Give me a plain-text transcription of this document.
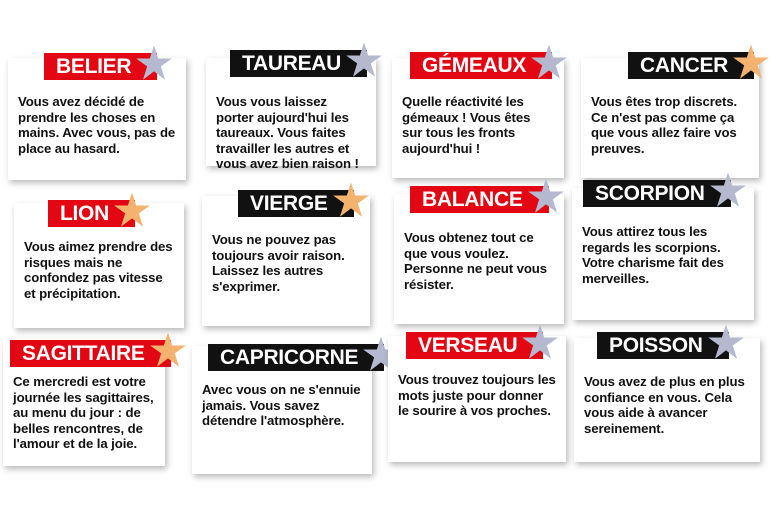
Vous avez décidé de prendre les choses en mains. Avec vous, pas de place au hasard.

BELIER

Vous vous laissez porter aujourd'hui les taureaux. Vous faites travailler les autres et vous avez bien raison !

TAUREAU

Quelle réactivité les gémeaux ! Vous êtes sur tous les fronts aujourd'hui !

GÉMEAUX

Vous êtes trop discrets. Ce n'est pas comme ça que vous allez faire vos preuves.

CANCER

Vous aimez prendre des risques mais ne confondez pas vitesse et précipitation.

LION

Vous ne pouvez pas toujours avoir raison. Laissez les autres s'exprimer.

VIERGE

Vous obtenez tout ce que vous voulez. Personne ne peut vous résister.

BALANCE

Vous attirez tous les regards les scorpions. Votre charisme fait des merveilles.

SCORPION

Ce mercredi est votre journée les sagittaires, au menu du jour : de belles rencontres, de l'amour et de la joie.

SAGITTAIRE

Avec vous on ne s'ennuie jamais. Vous savez détendre l'atmosphère.

CAPRICORNE

Vous trouvez toujours les mots juste pour donner le sourire à vos proches.

VERSEAU

Vous avez de plus en plus confiance en vous. Cela vous aide à avancer sereinement.

POISSON
